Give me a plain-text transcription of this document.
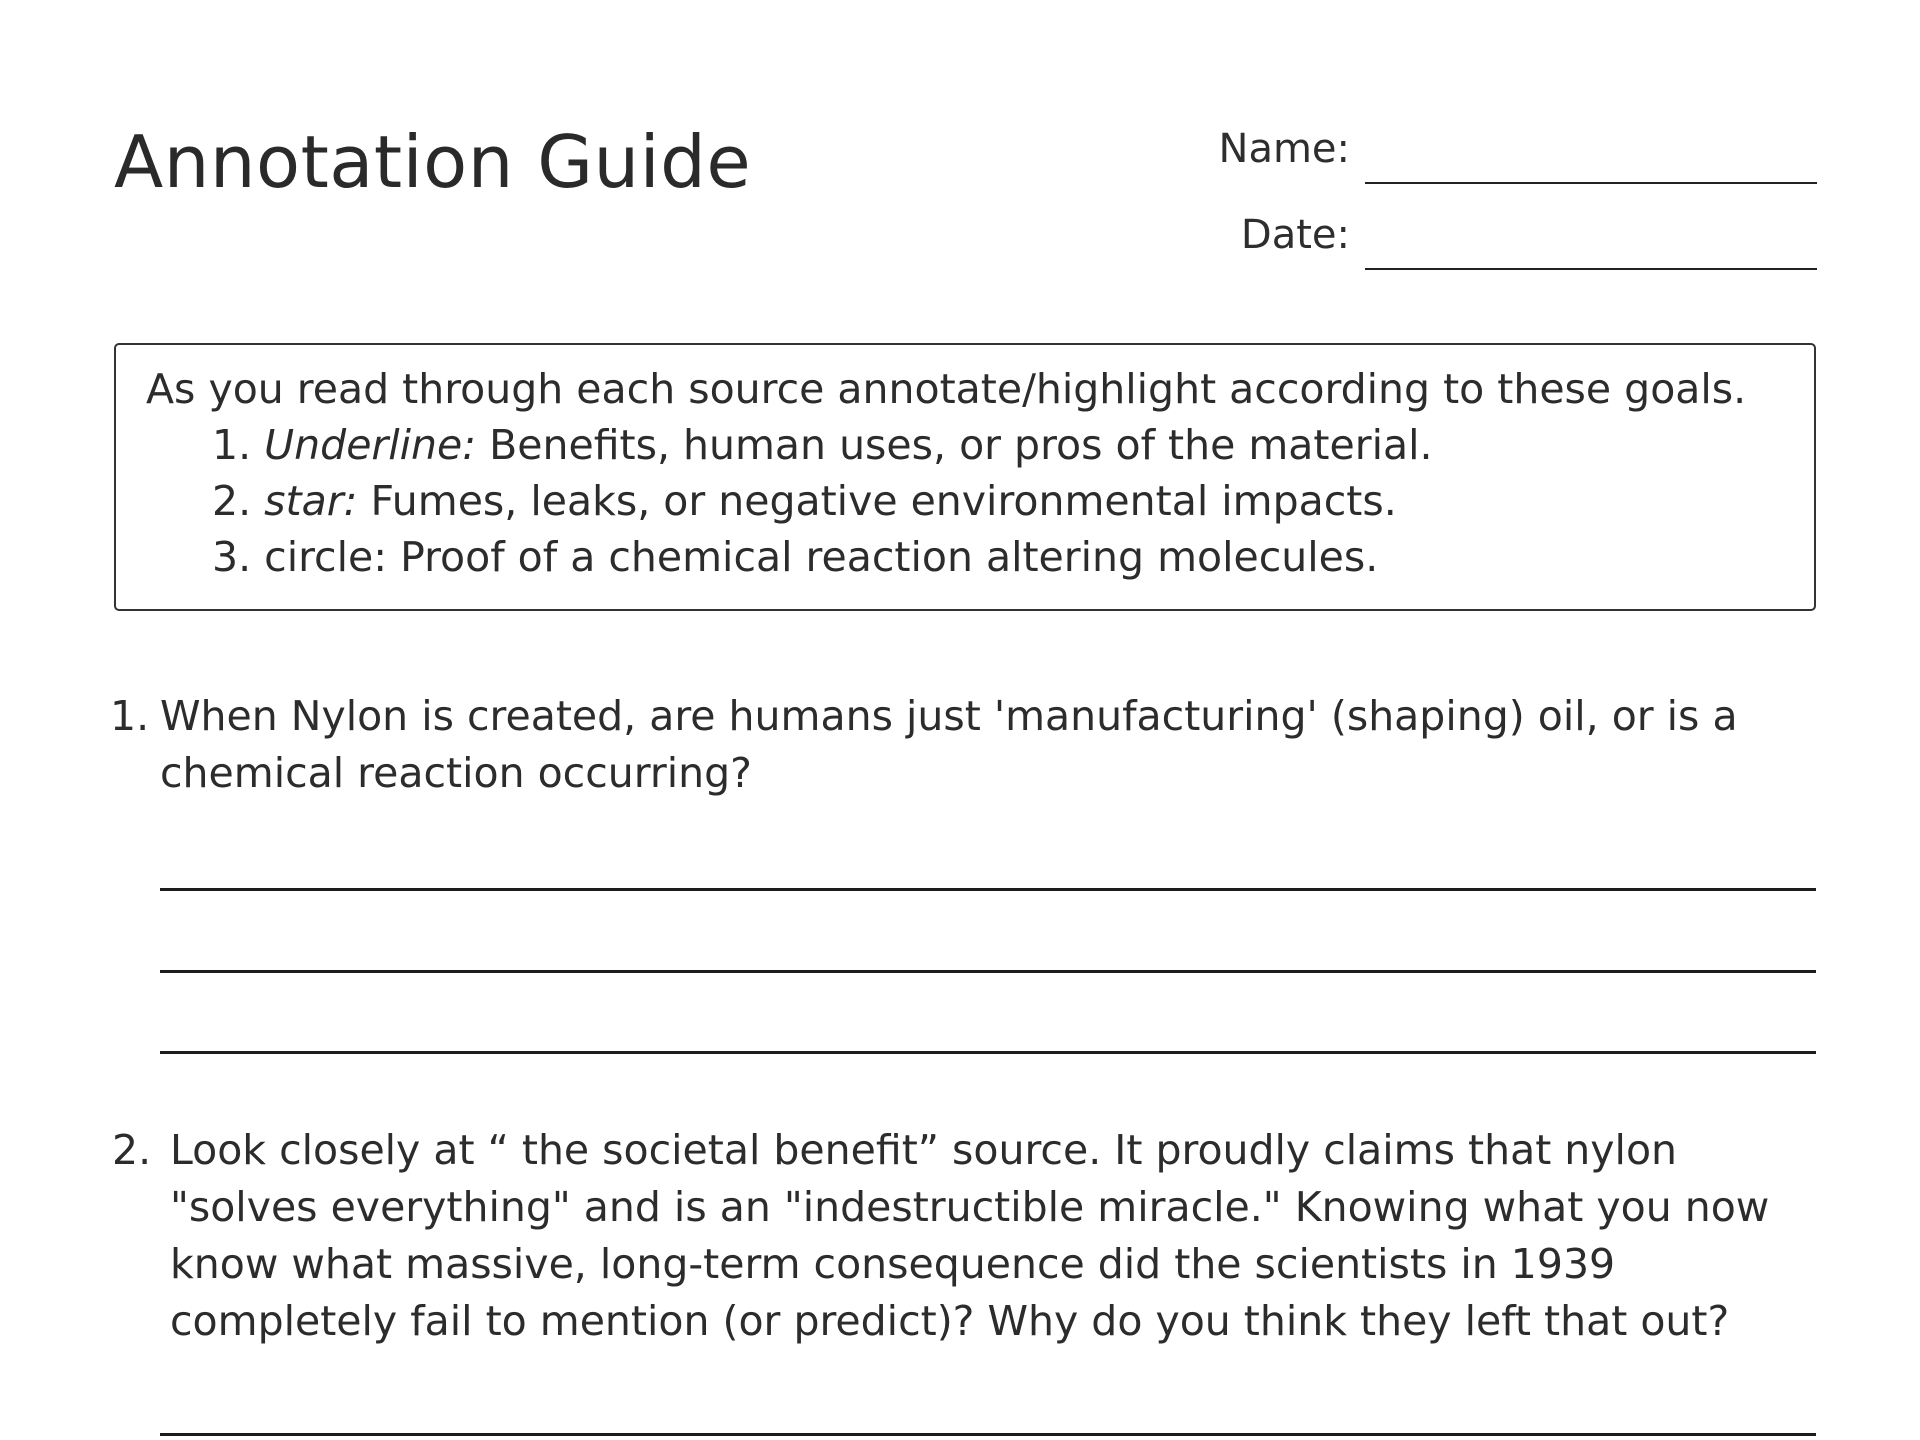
Annotation Guide	Name:
Date:
As you read through each source annotate/highlight according to these goals.
1. Underline: Benefits, human uses, or pros of the material.
2. star: Fumes, leaks, or negative environmental impacts.
3. circle: Proof of a chemical reaction altering molecules.
1. When Nylon is created, are humans just 'manufacturing' (shaping) oil, or is a chemical reaction occurring?
2. Look closely at “ the societal benefit” source. It proudly claims that nylon "solves everything" and is an "indestructible miracle." Knowing what you now know what massive, long-term consequence did the scientists in 1939 completely fail to mention (or predict)? Why do you think they left that out?
